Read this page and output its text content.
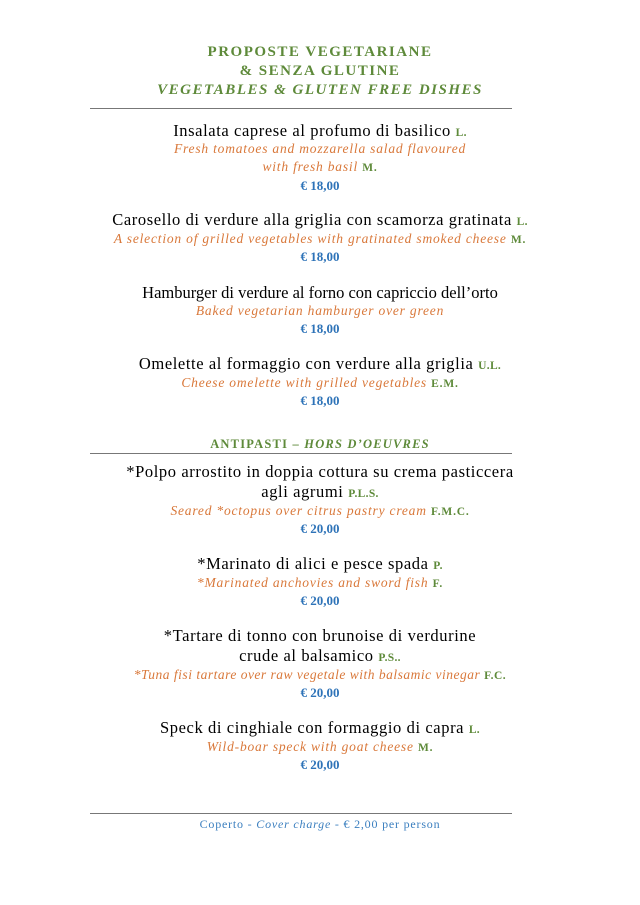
PROPOSTE VEGETARIANE
& SENZA GLUTINE
VEGETABLES & GLUTEN FREE DISHES
Insalata caprese al profumo di basilico L.
Fresh tomatoes and mozzarella salad flavoured
with fresh basil M.
€ 18,00
Carosello di verdure alla griglia con scamorza gratinata L.
A selection of grilled vegetables with gratinated smoked cheese M.
€ 18,00
Hamburger di verdure al forno con capriccio dell’orto
Baked vegetarian hamburger over green
€ 18,00
Omelette al formaggio con verdure alla griglia U.L.
Cheese omelette with grilled vegetables E.M.
€ 18,00
ANTIPASTI – HORS D’OEUVRES
*Polpo arrostito in doppia cottura su crema pasticcera
agli agrumi P.L.S.
Seared *octopus over citrus pastry cream F.M.C.
€ 20,00
*Marinato di alici e pesce spada P.
*Marinated anchovies and sword fish F.
€ 20,00
*Tartare di tonno con brunoise di verdurine
crude al balsamico P.S..
*Tuna fisi tartare over raw vegetale with balsamic vinegar F.C.
€ 20,00
Speck di cinghiale con formaggio di capra L.
Wild-boar speck with goat cheese M.
€ 20,00
Coperto - Cover charge - € 2,00 per person
